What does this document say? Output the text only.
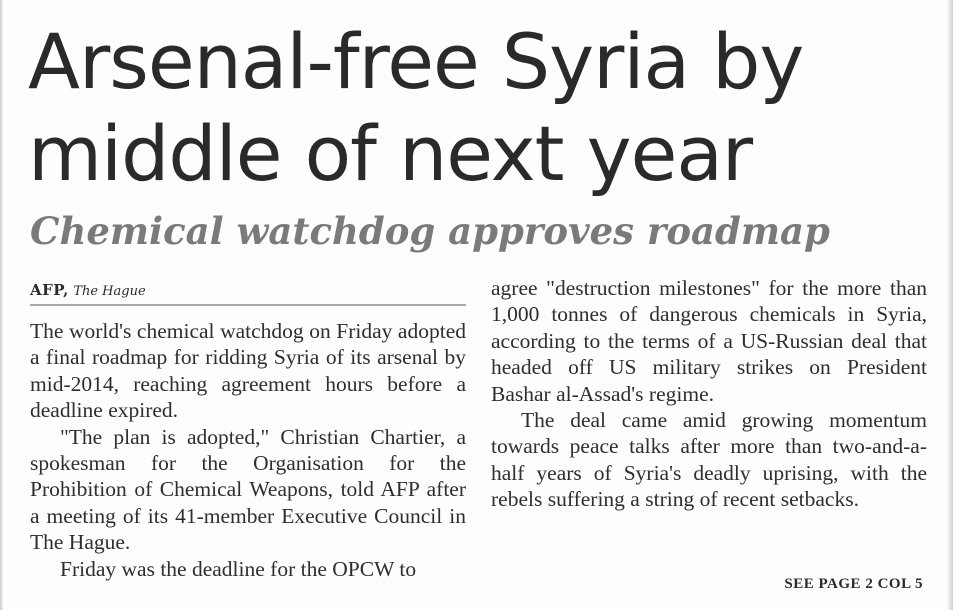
Arsenal-free Syria by
middle of next year
Chemical watchdog approves roadmap
AFP, The Hague

The world's chemical watchdog on Friday adopted a final roadmap for ridding Syria of its arsenal by mid-2014, reaching agreement hours before a deadline expired.

"The plan is adopted," Christian Chartier, a spokesman for the Organisation for the Prohibition of Chemical Weapons, told AFP after a meeting of its 41-member Executive Council in The Hague.

Friday was the deadline for the OPCW to

agree "destruction milestones" for the more than 1,000 tonnes of dangerous chemicals in Syria, according to the terms of a US-Russian deal that headed off US military strikes on President Bashar al-Assad's regime.

The deal came amid growing momentum towards peace talks after more than two-and-a-half years of Syria's deadly uprising, with the rebels suffering a string of recent setbacks.

SEE PAGE 2 COL 5
